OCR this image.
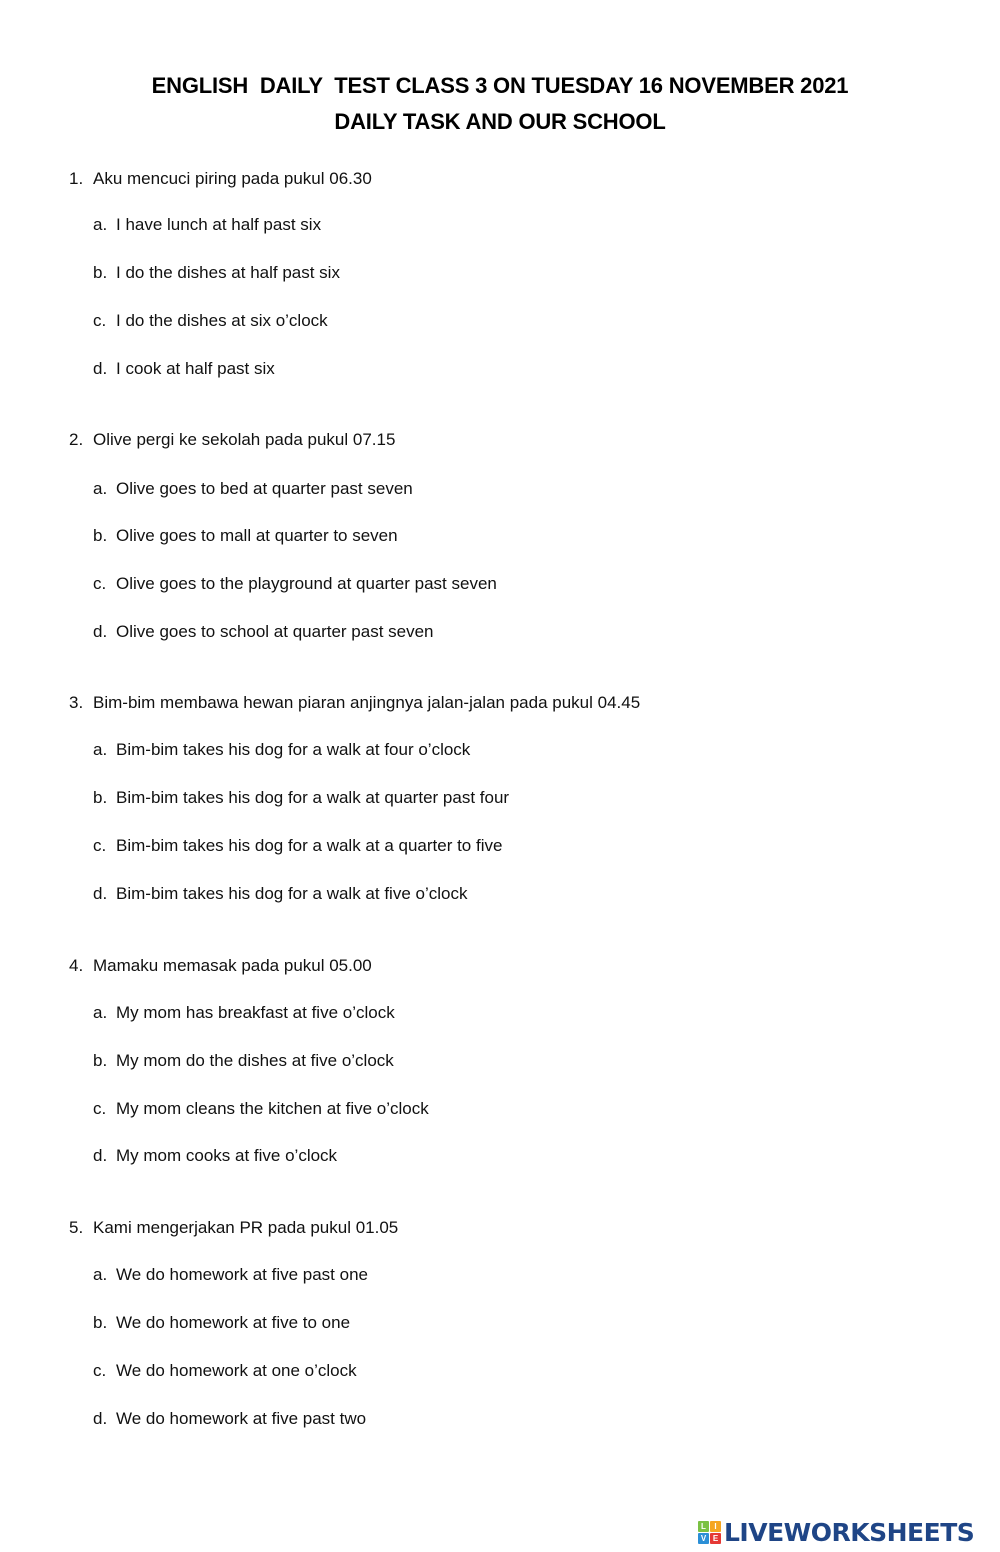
ENGLISH  DAILY  TEST CLASS 3 ON TUESDAY 16 NOVEMBER 2021
DAILY TASK AND OUR SCHOOL
1. Aku mencuci piring pada pukul 06.30
a. I have lunch at half past six
b. I do the dishes at half past six
c. I do the dishes at six o’clock
d. I cook at half past six
2. Olive pergi ke sekolah pada pukul 07.15
a. Olive goes to bed at quarter past seven
b. Olive goes to mall at quarter to seven
c. Olive goes to the playground at quarter past seven
d. Olive goes to school at quarter past seven
3. Bim-bim membawa hewan piaran anjingnya jalan-jalan pada pukul 04.45
a. Bim-bim takes his dog for a walk at four o’clock
b. Bim-bim takes his dog for a walk at quarter past four
c. Bim-bim takes his dog for a walk at a quarter to five
d. Bim-bim takes his dog for a walk at five o’clock
4. Mamaku memasak pada pukul 05.00
a. My mom has breakfast at five o’clock
b. My mom do the dishes at five o’clock
c. My mom cleans the kitchen at five o’clock
d. My mom cooks at five o’clock
5. Kami mengerjakan PR pada pukul 01.05
a. We do homework at five past one
b. We do homework at five to one
c. We do homework at one o’clock
d. We do homework at five past two
L	I
V E LIVEWORKSHEETS
